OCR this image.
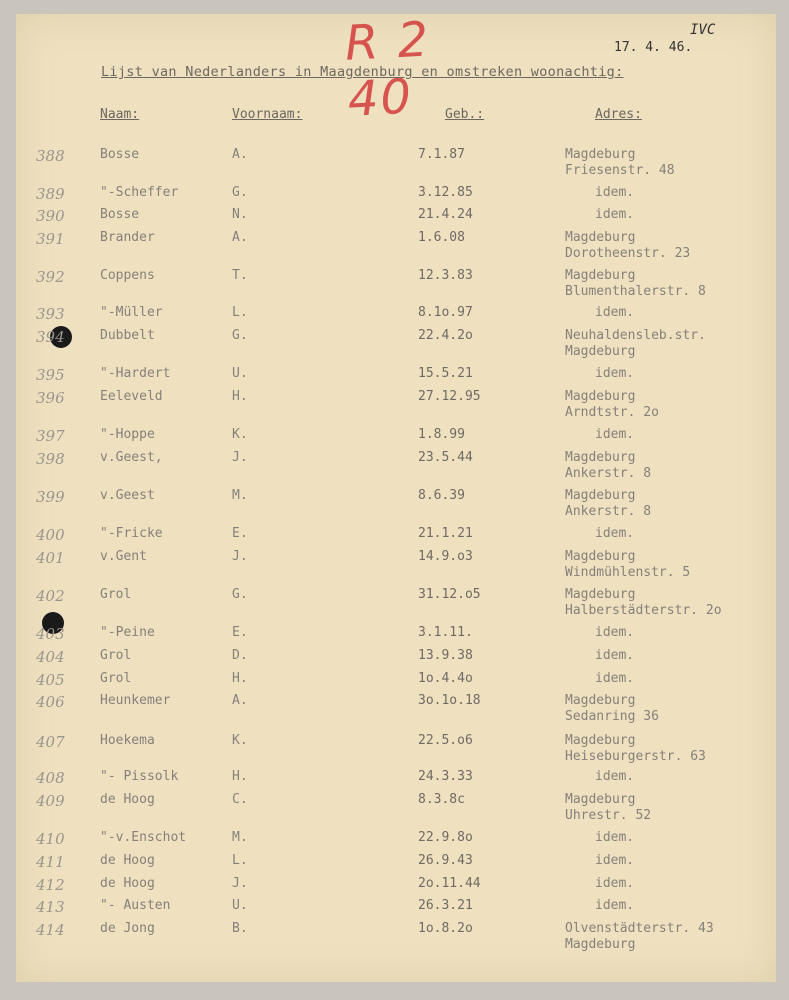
R 2 40
17. 4. 46.
IVC
Lijst van Nederlanders in Maagdenburg en omstreken woonachtig:
Naam:	Voornaam:	Geb.:	Adres:
388	Bosse	A.	7.1.87	Magdeburg
Friesenstr. 48
389	"-Scheffer	G.	3.12.85	idem.
390	Bosse	N.	21.4.24	idem.
391	Brander	A.	1.6.08	Magdeburg
Dorotheenstr. 23
392	Coppens	T.	12.3.83	Magdeburg
Blumenthalerstr. 8
393	"-Müller	L.	8.1o.97	idem.
394	Dubbelt	G.	22.4.2o	Neuhaldensleb.str.
Magdeburg
395	"-Hardert	U.	15.5.21	idem.
396	Eeleveld	H.	27.12.95	Magdeburg
Arndtstr. 2o
397	"-Hoppe	K.	1.8.99	idem.
398	v.Geest,	J.	23.5.44	Magdeburg
Ankerstr. 8
399	v.Geest	M.	8.6.39	Magdeburg
Ankerstr. 8
400	"-Fricke	E.	21.1.21	idem.
401	v.Gent	J.	14.9.o3	Magdeburg
Windmühlenstr. 5
402	Grol	G.	31.12.o5	Magdeburg
Halberstädterstr. 2o
403	"-Peine	E.	3.1.11.	idem.
404	Grol	D.	13.9.38	idem.
405	Grol	H.	1o.4.4o	idem.
406	Heunkemer	A.	3o.1o.18	Magdeburg
Sedanring 36
407	Hoekema	K.	22.5.o6	Magdeburg
Heiseburgerstr. 63
408	"- Pissolk	H.	24.3.33	idem.
409	de Hoog	C.	8.3.8c	Magdeburg
Uhrestr. 52
410	"-v.Enschot	M.	22.9.8o	idem.
411	de Hoog	L.	26.9.43	idem.
412	de Hoog	J.	2o.11.44	idem.
413	"- Austen	U.	26.3.21	idem.
414	de Jong	B.	1o.8.2o	Olvenstädterstr. 43
Magdeburg
